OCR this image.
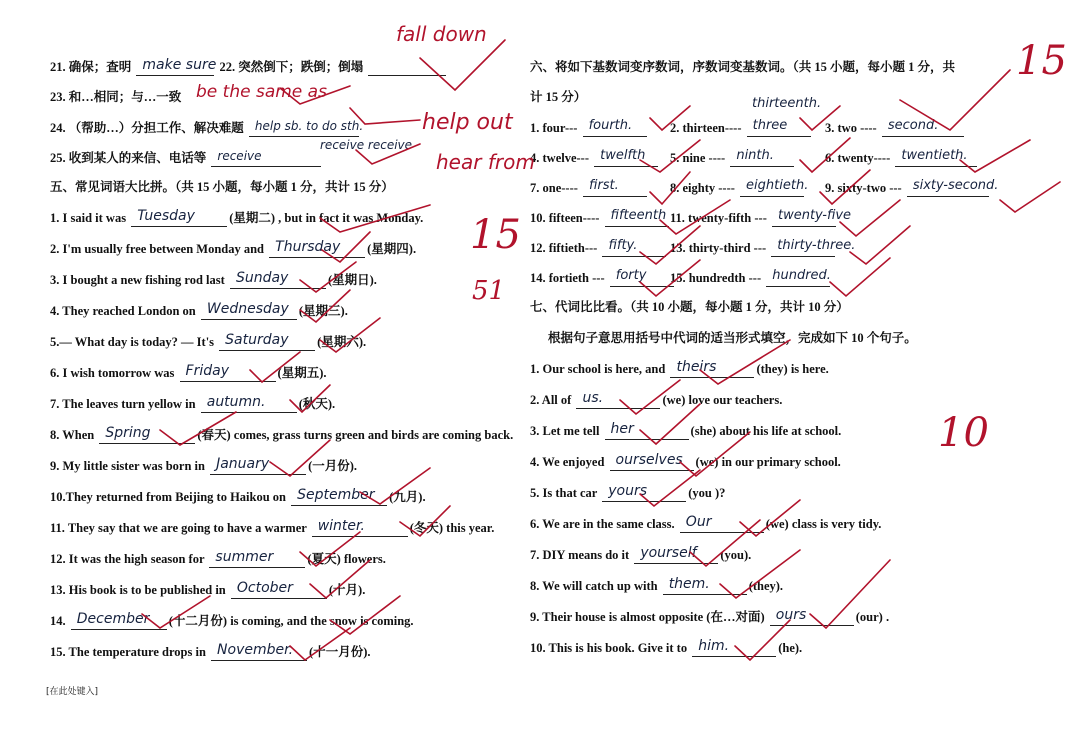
21. 确保；查明 make sure 22. 突然倒下；跌倒；倒塌
23. 和…相同；与…一致
24. （帮助…）分担工作、解决难题 help sb. to do sth.
25. 收到某人的来信、电话等 receive
五、常见词语大比拼。（共 15 小题，每小题 1 分，共计 15 分）
1. I said it was Tuesday	(星期二) , but in fact it was Monday.
2. I'm usually free between Monday and Thursday (星期四).
3. I bought a new fishing rod last Sunday	(星期日).
4. They reached London on Wednesday (星期三).
5.— What day is today? — It's Saturday (星期六).
6. I wish tomorrow was Friday	(星期五).
7. The leaves turn yellow in autumn.	(秋天).
8. When Spring	(春天) comes, grass turns green and birds are coming back.
9. My little sister was born in January	(一月份).
10.They returned from Beijing to Haikou on September (九月).
11. They say that we are going to have a warmer winter.	(冬天) this year.
12. It was the high season for summer	(夏天) flowers.
13. His book is to be published in October	(十月).
14. December (十二月份) is coming, and the snow is coming.
15. The temperature drops in November. (十一月份).
[在此处键入]
六、将如下基数词变序数词，序数词变基数词。（共 15 小题，每小题 1 分，共
计 15 分）
1. four--- fourth.	2. thirteen---- three	3. two ---- second.
4. twelve--- twelfth 5. nine ---- ninth.	6. twenty---- twentieth.
7. one---- first.	8. eighty ---- eightieth. 9. sixty-two --- sixty-second.
10. fifteen---- fifteenth 11. twenty-fifth --- twenty-five
12. fiftieth--- fifty.	13. thirty-third --- thirty-three.
14. fortieth --- forty 15. hundredth --- hundred.
七、代词比比看。（共 10 小题，每小题 1 分，共计 10 分）
根据句子意思用括号中代词的适当形式填空，完成如下 10 个句子。
1. Our school is here, and theirs	(they) is here.
2. All of us.	(we) love our teachers.
3. Let me tell her	(she) about his life at school.
4. We enjoyed ourselves (we) in our primary school.
5. Is that car yours	(you )?
6. We are in the same class. Our	(we) class is very tidy.
7. DIY means do it yourself (you).
8. We will catch up with them.	(they).
9. Their house is almost opposite (在…对面) ours	(our) .
10. This is his book. Give it to him.	(he).
fall down
be the same as
help out
hear from
receive receive
thirteenth.
15
51
15
10
